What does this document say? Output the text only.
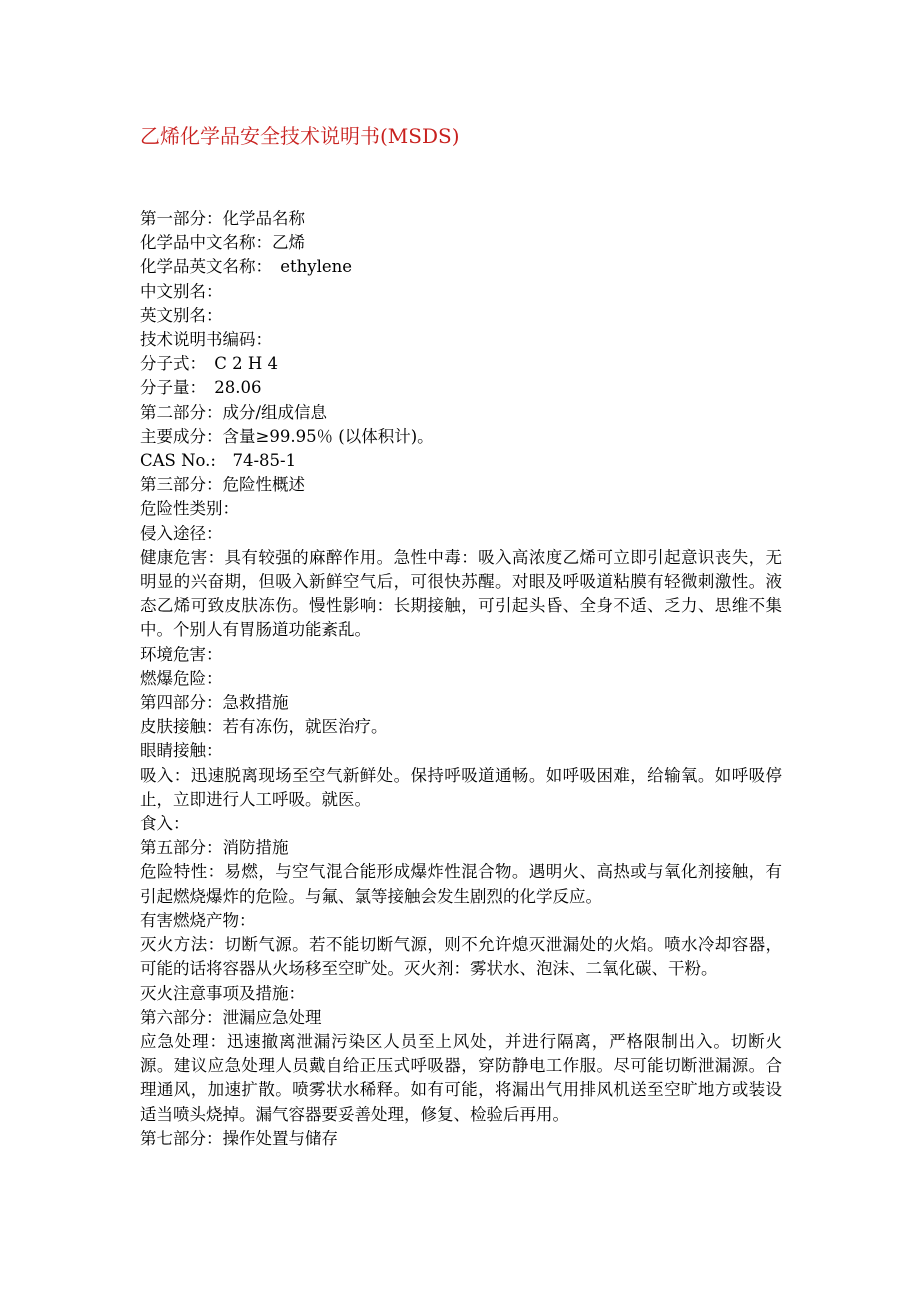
乙烯化学品安全技术说明书(MSDS)

第一部分：化学品名称

化学品中文名称：乙烯

化学品英文名称：　ethylene

中文别名：

英文别名：

技术说明书编码：

分子式：　C 2 H 4

分子量：　28.06

第二部分：成分/组成信息

主要成分：含量≥99.95％ (以体积计)。

CAS No.:　74-85-1

第三部分：危险性概述

危险性类别：

侵入途径：

健康危害：具有较强的麻醉作用。急性中毒：吸入高浓度乙烯可立即引起意识丧失，无明显的兴奋期，但吸入新鲜空气后，可很快苏醒。对眼及呼吸道粘膜有轻微刺激性。液态乙烯可致皮肤冻伤。慢性影响：长期接触，可引起头昏、全身不适、乏力、思维不集中。个别人有胃肠道功能紊乱。

环境危害：

燃爆危险：

第四部分：急救措施

皮肤接触：若有冻伤，就医治疗。

眼睛接触：

吸入：迅速脱离现场至空气新鲜处。保持呼吸道通畅。如呼吸困难，给输氧。如呼吸停止，立即进行人工呼吸。就医。

食入：

第五部分：消防措施

危险特性：易燃，与空气混合能形成爆炸性混合物。遇明火、高热或与氧化剂接触，有引起燃烧爆炸的危险。与氟、氯等接触会发生剧烈的化学反应。

有害燃烧产物：

灭火方法：切断气源。若不能切断气源，则不允许熄灭泄漏处的火焰。喷水冷却容器，可能的话将容器从火场移至空旷处。灭火剂：雾状水、泡沫、二氧化碳、干粉。

灭火注意事项及措施：

第六部分：泄漏应急处理

应急处理：迅速撤离泄漏污染区人员至上风处，并进行隔离，严格限制出入。切断火源。建议应急处理人员戴自给正压式呼吸器，穿防静电工作服。尽可能切断泄漏源。合理通风，加速扩散。喷雾状水稀释。如有可能，将漏出气用排风机送至空旷地方或装设适当喷头烧掉。漏气容器要妥善处理，修复、检验后再用。

第七部分：操作处置与储存
